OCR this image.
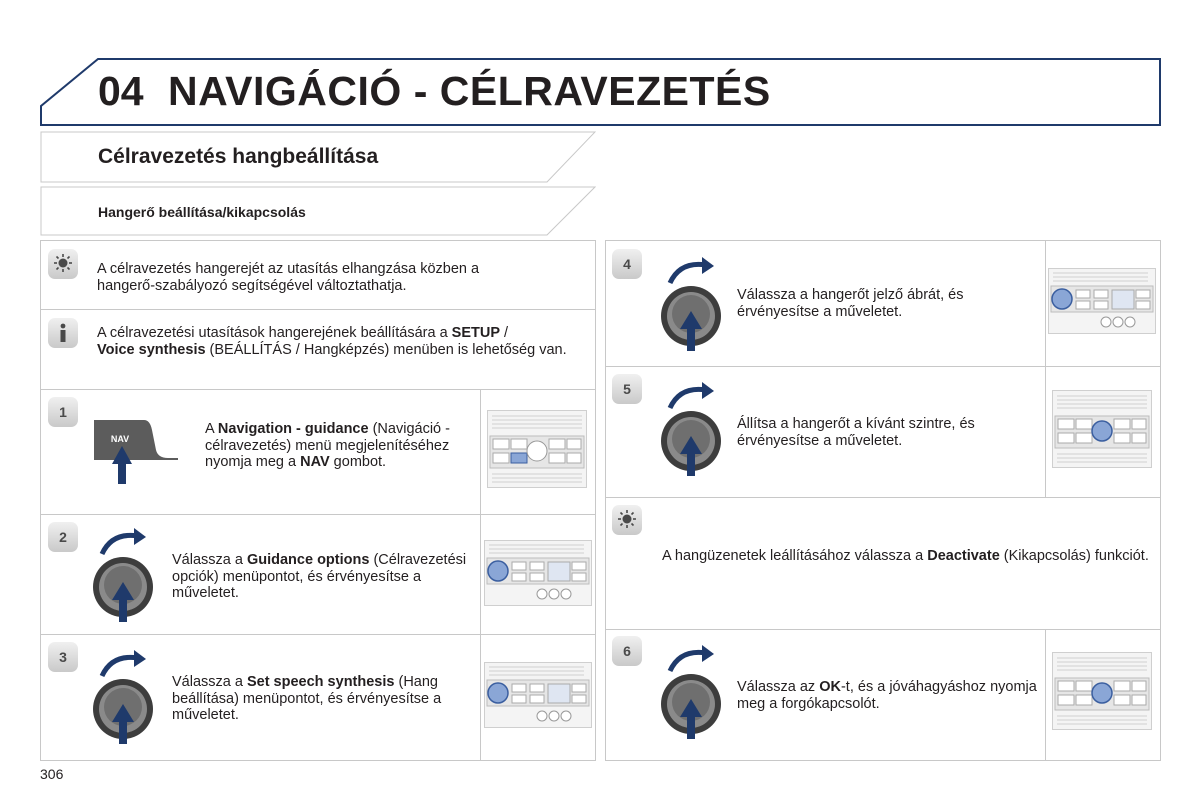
04 NAVIGÁCIÓ - CÉLRAVEZETÉS
Célravezetés hangbeállítása
Hangerő beállítása/kikapcsolás
A célravezetés hangerejét az utasítás elhangzása közben a hangerő-szabályozó segítségével változtathatja.
A célravezetési utasítások hangerejének beállítására a SETUP /
Voice synthesis (BEÁLLÍTÁS / Hangképzés) menüben is lehetőség van.
1
NAV
A Navigation - guidance (Navigáció - célravezetés) menü megjelenítéséhez nyomja meg a NAV gombot.
2
Válassza a Guidance options (Célravezetési opciók) menüpontot, és érvényesítse a műveletet.
3
Válassza a Set speech synthesis (Hang beállítása) menüpontot, és érvényesítse a műveletet.
4
Válassza a hangerőt jelző ábrát, és érvényesítse a műveletet.
5
Állítsa a hangerőt a kívánt szintre, és érvényesítse a műveletet.
A hangüzenetek leállításához válassza a Deactivate (Kikapcsolás) funkciót.
6
Válassza az OK-t, és a jóváhagyáshoz nyomja meg a forgókapcsolót.
306
